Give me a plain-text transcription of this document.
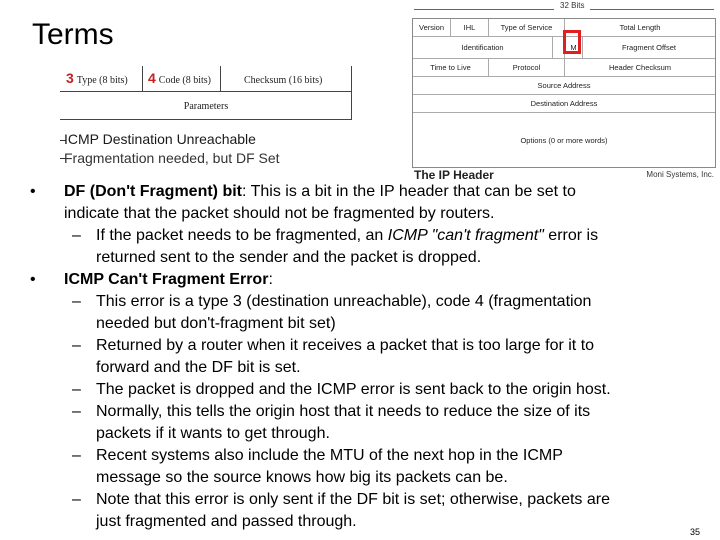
Terms
3 Type (8 bits) 4 Code (8 bits)	Checksum (16 bits)
Parameters
ICMP Destination Unreachable
Fragmentation needed, but DF Set
32 Bits
Version	IHL	Type of Service	Total Length
Identification	M	Fragment Offset
Time to Live	Protocol	Header Checksum
Source Address
Destination Address
Options (0 or more words)
The IP Header	Moni Systems, Inc.
• DF (Don't Fragment) bit: This is a bit in the IP header that can be set to
indicate that the packet should not be fragmented by routers.
– If the packet needs to be fragmented, an ICMP "can't fragment" error is
returned sent to the sender and the packet is dropped.
• ICMP Can't Fragment Error:
– This error is a type 3 (destination unreachable), code 4 (fragmentation
needed but don't-fragment bit set)
– Returned by a router when it receives a packet that is too large for it to
forward and the DF bit is set.
– The packet is dropped and the ICMP error is sent back to the origin host.
– Normally, this tells the origin host that it needs to reduce the size of its
packets if it wants to get through.
– Recent systems also include the MTU of the next hop in the ICMP
message so the source knows how big its packets can be.
– Note that this error is only sent if the DF bit is set; otherwise, packets are
just fragmented and passed through.
35
